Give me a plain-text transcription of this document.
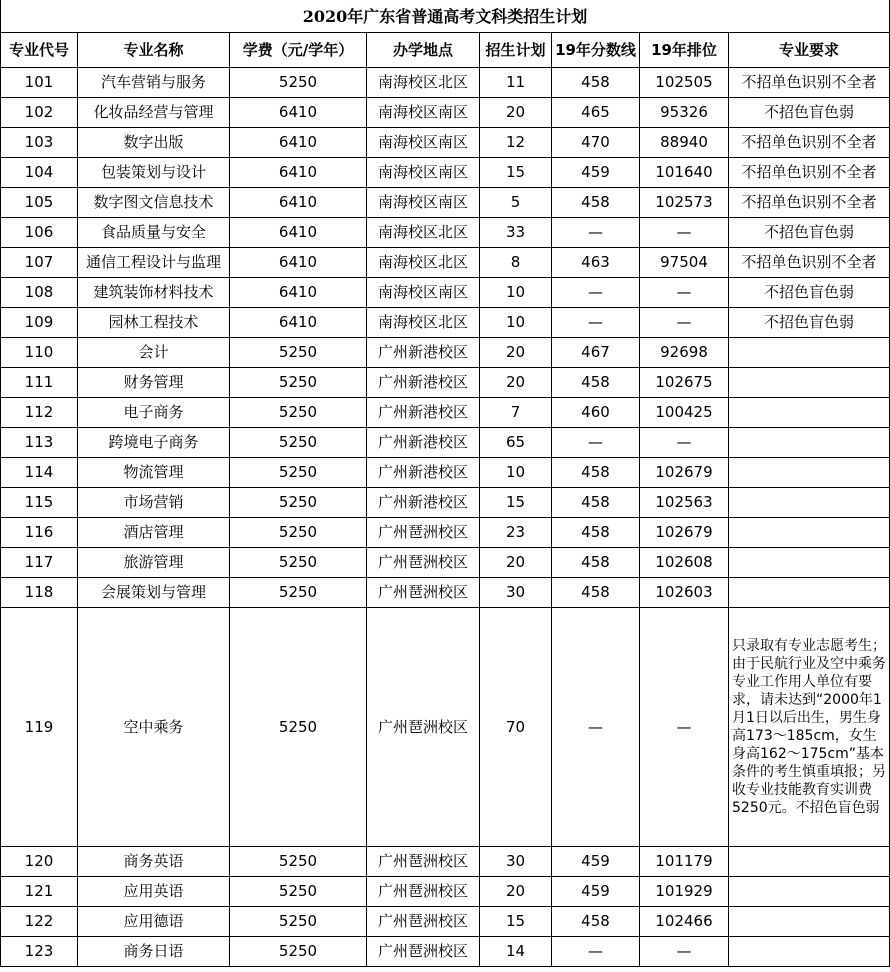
2020年广东省普通高考文科类招生计划							
专业代号	专业名称	学费（元/学年）	办学地点	招生计划	19年分数线	19年排位	专业要求
101	汽车营销与服务	5250	南海校区北区	11	458	102505	不招单色识别不全者
102	化妆品经营与管理	6410	南海校区南区	20	465	95326	不招色盲色弱
103	数字出版	6410	南海校区南区	12	470	88940	不招单色识别不全者
104	包装策划与设计	6410	南海校区南区	15	459	101640	不招单色识别不全者
105	数字图文信息技术	6410	南海校区南区	5	458	102573	不招单色识别不全者
106	食品质量与安全	6410	南海校区北区	33	—	—	不招色盲色弱
107	通信工程设计与监理	6410	南海校区北区	8	463	97504	不招单色识别不全者
108	建筑装饰材料技术	6410	南海校区南区	10	—	—	不招色盲色弱
109	园林工程技术	6410	南海校区北区	10	—	—	不招色盲色弱
110	会计	5250	广州新港校区	20	467	92698	
111	财务管理	5250	广州新港校区	20	458	102675	
112	电子商务	5250	广州新港校区	7	460	100425	
113	跨境电子商务	5250	广州新港校区	65	—	—	
114	物流管理	5250	广州新港校区	10	458	102679	
115	市场营销	5250	广州新港校区	15	458	102563	
116	酒店管理	5250	广州琶洲校区	23	458	102679	
117	旅游管理	5250	广州琶洲校区	20	458	102608	
118	会展策划与管理	5250	广州琶洲校区	30	458	102603	
119	空中乘务	5250	广州琶洲校区	70	—	—	只录取有专业志愿考生；由于民航行业及空中乘务专业工作用人单位有要求，请未达到“2000年1月1日以后出生，男生身高173～185cm，女生身高162～175cm”基本条件的考生慎重填报；另收专业技能教育实训费5250元。不招色盲色弱
120	商务英语	5250	广州琶洲校区	30	459	101179	
121	应用英语	5250	广州琶洲校区	20	459	101929	
122	应用德语	5250	广州琶洲校区	15	458	102466	
123	商务日语	5250	广州琶洲校区	14	—	—	
